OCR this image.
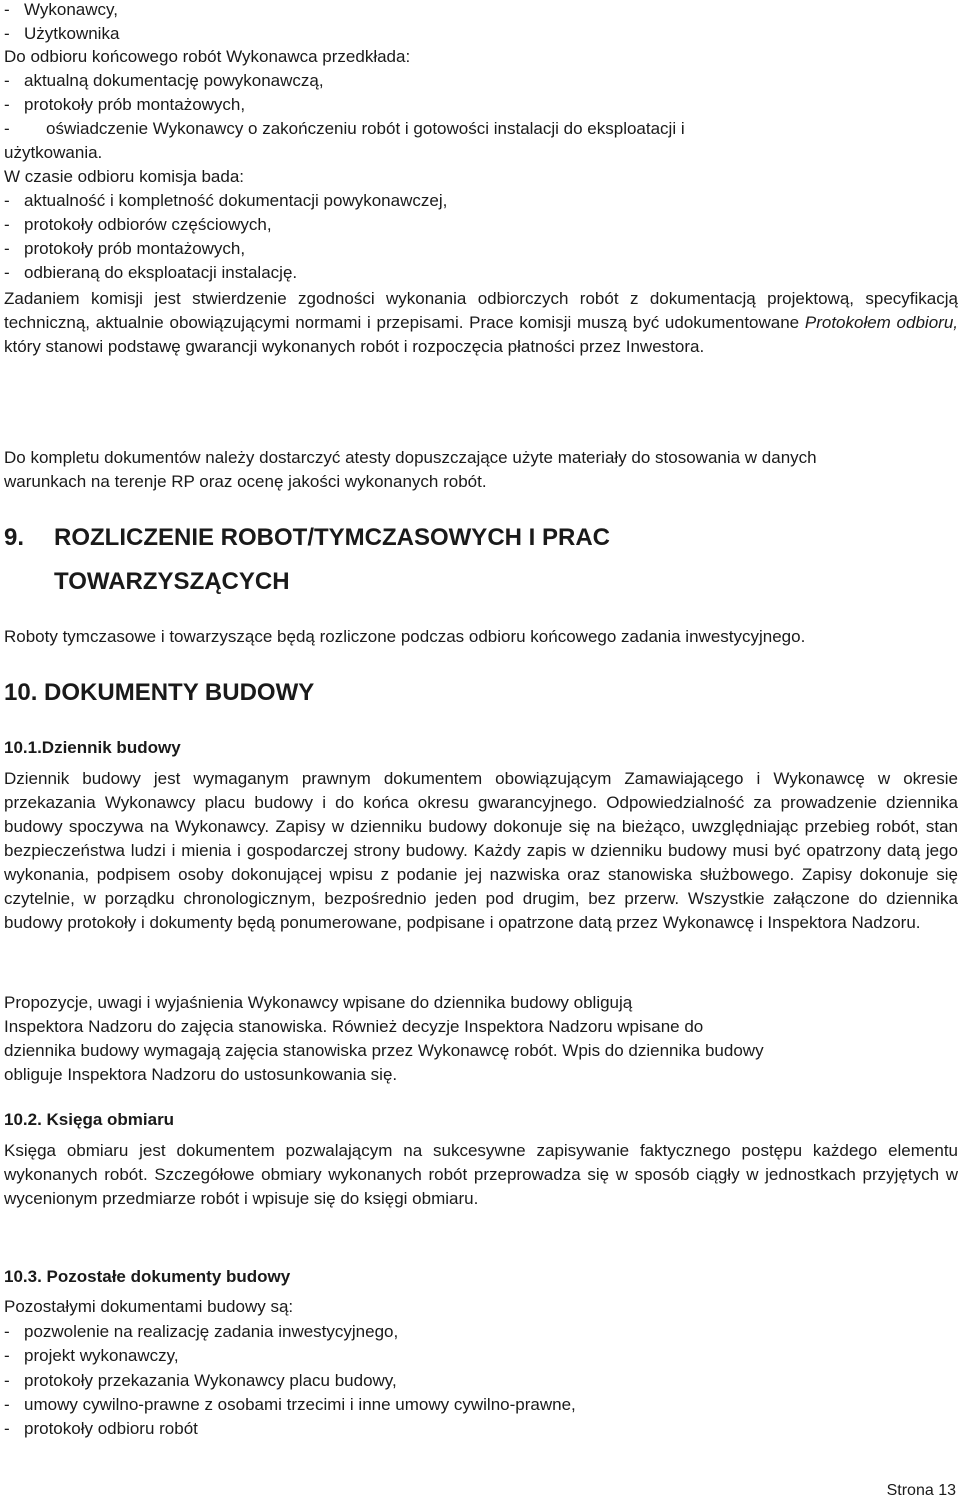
- Wykonawcy,
- Użytkownika
Do odbioru końcowego robót Wykonawca przedkłada:
- aktualną dokumentację powykonawczą,
- protokoły prób montażowych,
- oświadczenie Wykonawcy o zakończeniu robót i gotowości instalacji do eksploatacji i
użytkowania.
W czasie odbioru komisja bada:
- aktualność i kompletność dokumentacji powykonawczej,
- protokoły odbiorów częściowych,
- protokoły prób montażowych,
- odbieraną do eksploatacji instalację.
Zadaniem komisji jest stwierdzenie zgodności wykonania odbiorczych robót z dokumentacją projektową, specyfikacją techniczną, aktualnie obowiązującymi normami i przepisami. Prace komisji muszą być udokumentowane Protokołem odbioru, który stanowi podstawę gwarancji wykonanych robót i rozpoczęcia płatności przez Inwestora.
Do kompletu dokumentów należy dostarczyć atesty dopuszczające użyte materiały do stosowania w danych warunkach na terenje RP oraz ocenę jakości wykonanych robót.
9. ROZLICZENIE ROBOT/TYMCZASOWYCH I PRAC
TOWARZYSZĄCYCH
Roboty tymczasowe i towarzyszące będą rozliczone podczas odbioru końcowego zadania inwestycyjnego.
10. DOKUMENTY BUDOWY
10.1.Dziennik budowy
Dziennik budowy jest wymaganym prawnym dokumentem obowiązującym Zamawiającego i Wykonawcę w okresie przekazania Wykonawcy placu budowy i do końca okresu gwarancyjnego. Odpowiedzialność za prowadzenie dziennika budowy spoczywa na Wykonawcy. Zapisy w dzienniku budowy dokonuje się na bieżąco, uwzględniając przebieg robót, stan bezpieczeństwa ludzi i mienia i gospodarczej strony budowy. Każdy zapis w dzienniku budowy musi być opatrzony datą jego wykonania, podpisem osoby dokonującej wpisu z podanie jej nazwiska oraz stanowiska służbowego. Zapisy dokonuje się czytelnie, w porządku chronologicznym, bezpośrednio jeden pod drugim, bez przerw. Wszystkie załączone do dziennika budowy protokoły i dokumenty będą ponumerowane, podpisane i opatrzone datą przez Wykonawcę i Inspektora Nadzoru.
Propozycje, uwagi i wyjaśnienia Wykonawcy wpisane do dziennika budowy obligują
Inspektora Nadzoru do zajęcia stanowiska. Również decyzje Inspektora Nadzoru wpisane do
dziennika budowy wymagają zajęcia stanowiska przez Wykonawcę robót. Wpis do dziennika budowy
obliguje Inspektora Nadzoru do ustosunkowania się.
10.2. Księga obmiaru
Księga obmiaru jest dokumentem pozwalającym na sukcesywne zapisywanie faktycznego postępu każdego elementu wykonanych robót. Szczegółowe obmiary wykonanych robót przeprowadza się w sposób ciągły w jednostkach przyjętych w wycenionym przedmiarze robót i wpisuje się do księgi obmiaru.
10.3. Pozostałe dokumenty budowy
Pozostałymi dokumentami budowy są:
- pozwolenie na realizację zadania inwestycyjnego,
- projekt wykonawczy,
- protokoły przekazania Wykonawcy placu budowy,
- umowy cywilno-prawne z osobami trzecimi i inne umowy cywilno-prawne,
- protokoły odbioru robót
Strona 13
